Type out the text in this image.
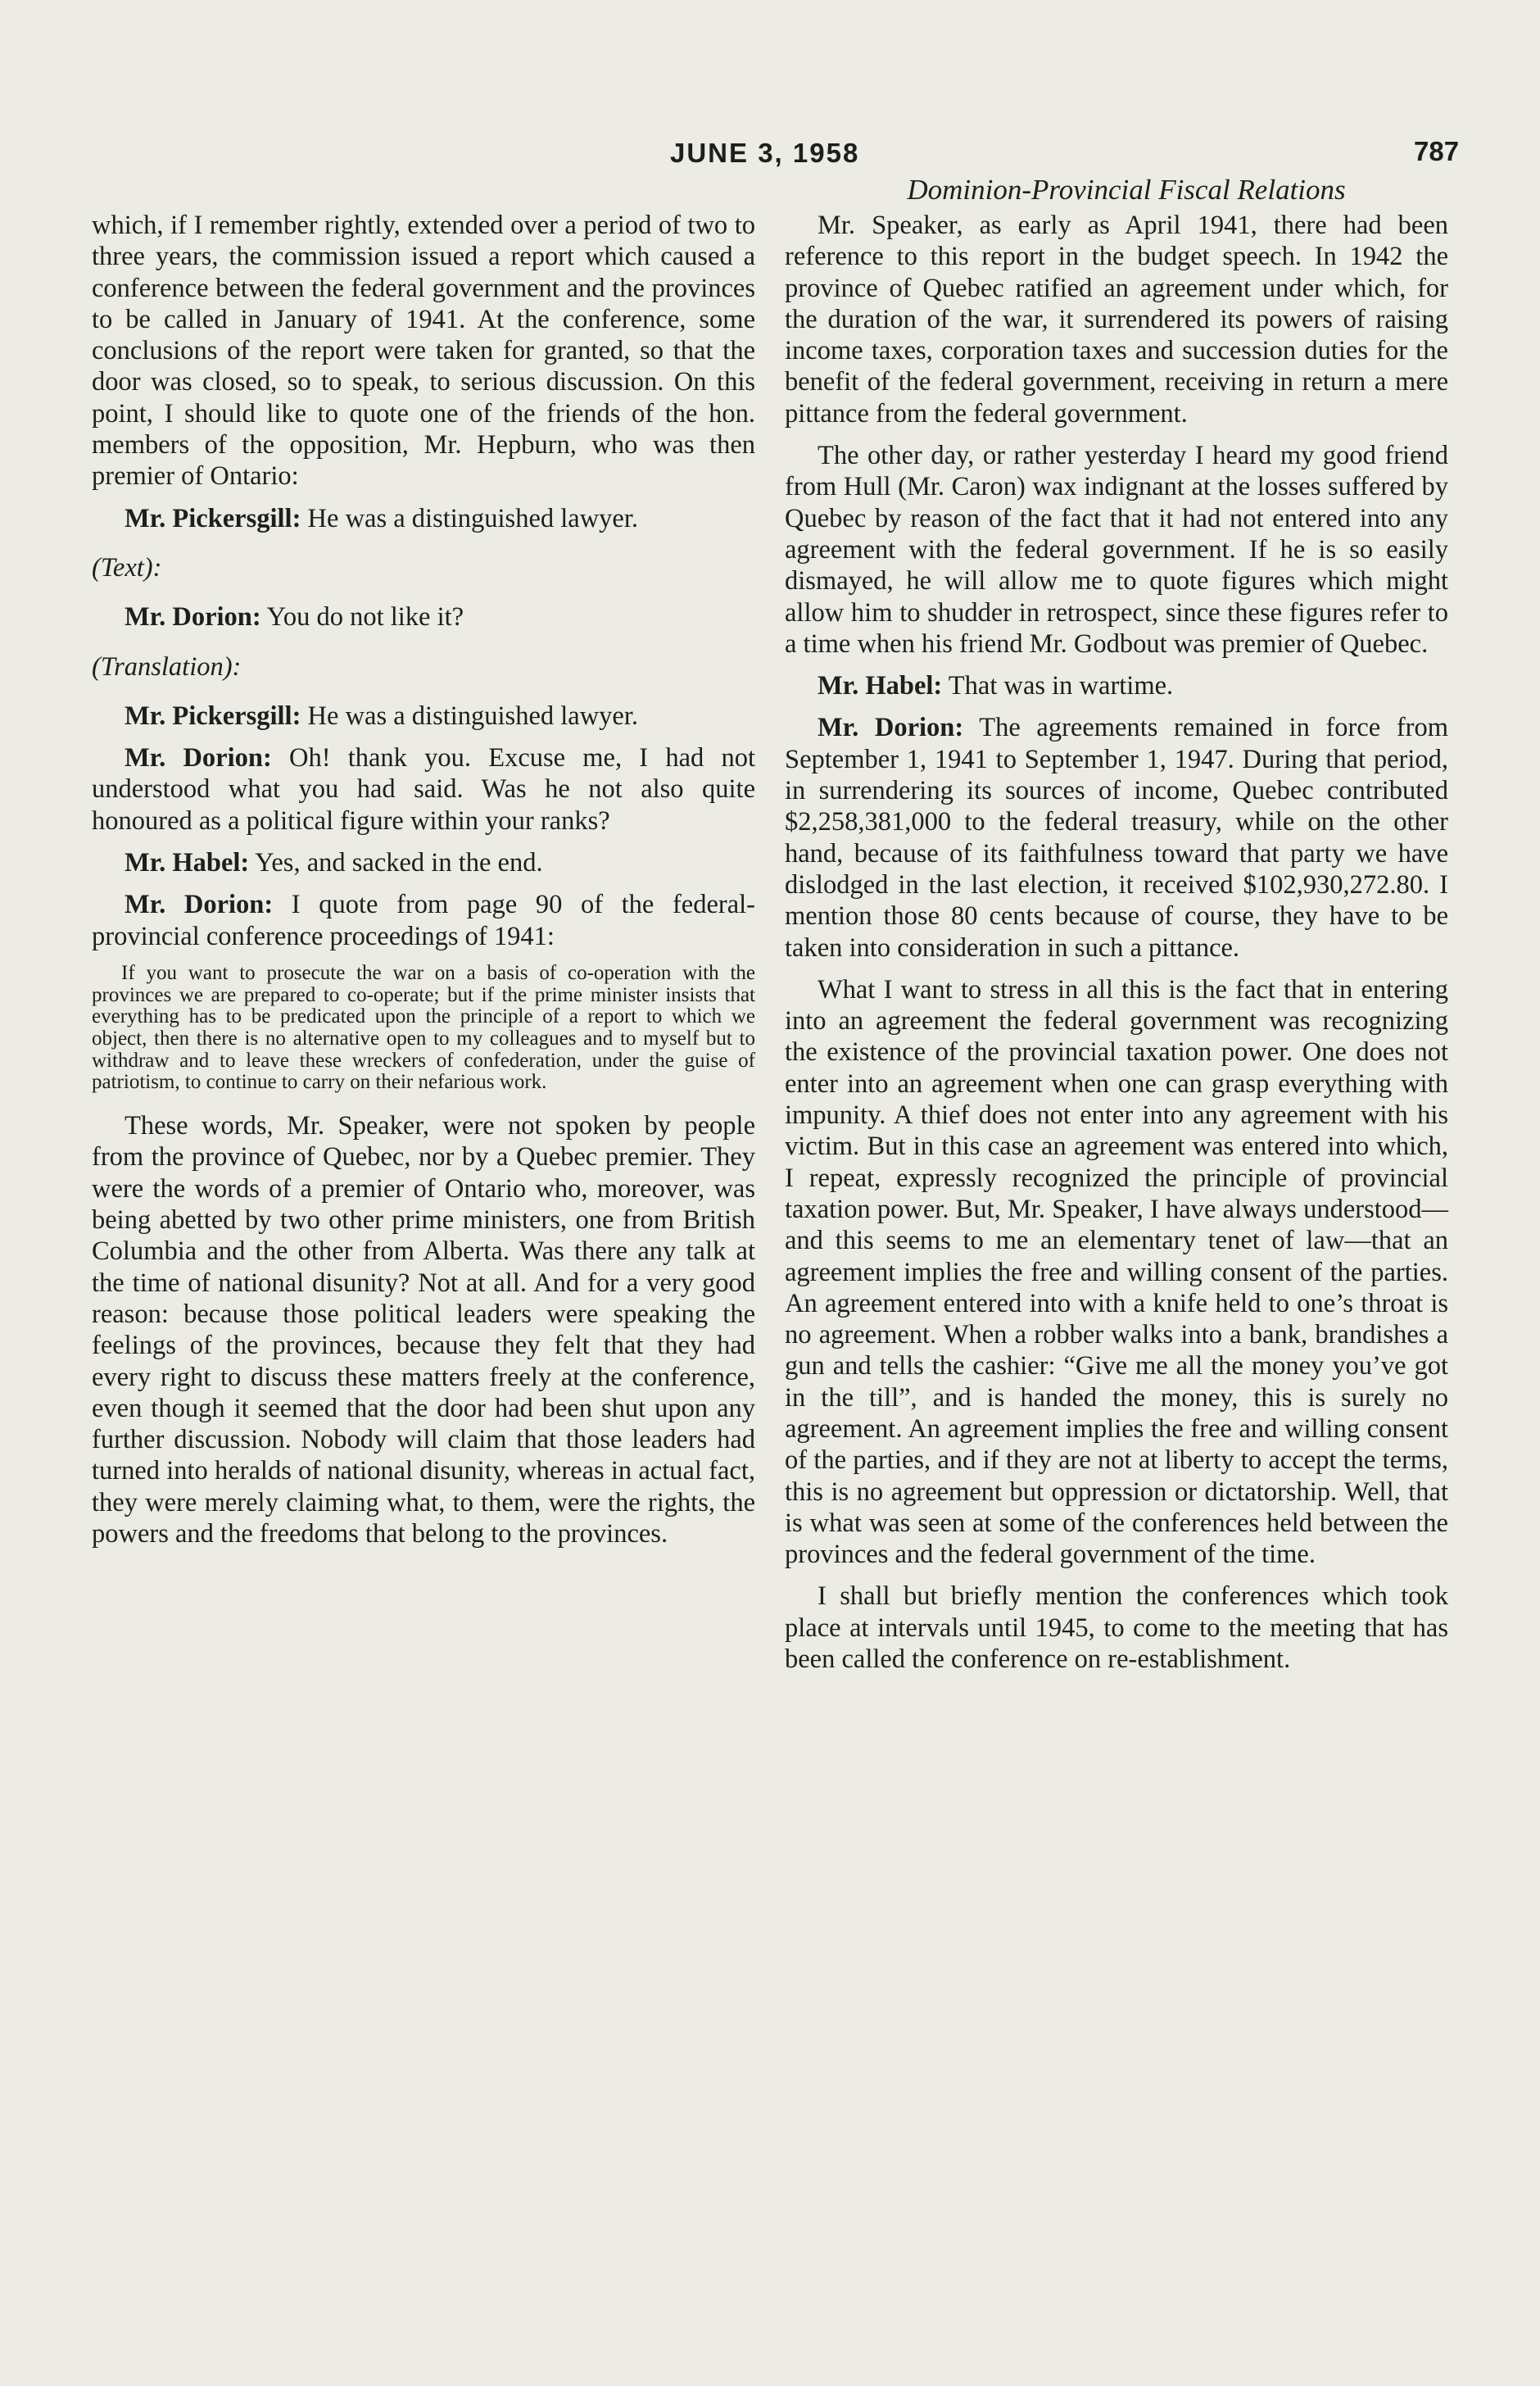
JUNE 3, 1958	787
Dominion-Provincial Fiscal Relations

which, if I remember rightly, extended over a period of two to three years, the commission issued a report which caused a conference between the federal government and the provinces to be called in January of 1941. At the conference, some conclusions of the report were taken for granted, so that the door was closed, so to speak, to serious discussion. On this point, I should like to quote one of the friends of the hon. members of the opposition, Mr. Hepburn, who was then premier of Ontario:

Mr. Pickersgill: He was a distinguished lawyer.

(Text):

Mr. Dorion: You do not like it?

(Translation):

Mr. Pickersgill: He was a distinguished lawyer.

Mr. Dorion: Oh! thank you. Excuse me, I had not understood what you had said. Was he not also quite honoured as a political figure within your ranks?

Mr. Habel: Yes, and sacked in the end.

Mr. Dorion: I quote from page 90 of the federal-provincial conference proceedings of 1941:

If you want to prosecute the war on a basis of co-operation with the provinces we are prepared to co-operate; but if the prime minister insists that everything has to be predicated upon the principle of a report to which we object, then there is no alternative open to my colleagues and to myself but to withdraw and to leave these wreckers of confederation, under the guise of patriotism, to continue to carry on their nefarious work.

These words, Mr. Speaker, were not spoken by people from the province of Quebec, nor by a Quebec premier. They were the words of a premier of Ontario who, moreover, was being abetted by two other prime ministers, one from British Columbia and the other from Alberta. Was there any talk at the time of national disunity? Not at all. And for a very good reason: because those political leaders were speaking the feelings of the provinces, because they felt that they had every right to discuss these matters freely at the conference, even though it seemed that the door had been shut upon any further discussion. Nobody will claim that those leaders had turned into heralds of national disunity, whereas in actual fact, they were merely claiming what, to them, were the rights, the powers and the freedoms that belong to the provinces.

Mr. Speaker, as early as April 1941, there had been reference to this report in the budget speech. In 1942 the province of Quebec ratified an agreement under which, for the duration of the war, it surrendered its powers of raising income taxes, corporation taxes and succession duties for the benefit of the federal government, receiving in return a mere pittance from the federal government.

The other day, or rather yesterday I heard my good friend from Hull (Mr. Caron) wax indignant at the losses suffered by Quebec by reason of the fact that it had not entered into any agreement with the federal government. If he is so easily dismayed, he will allow me to quote figures which might allow him to shudder in retrospect, since these figures refer to a time when his friend Mr. Godbout was premier of Quebec.

Mr. Habel: That was in wartime.

Mr. Dorion: The agreements remained in force from September 1, 1941 to September 1, 1947. During that period, in surrendering its sources of income, Quebec contributed $2,258,381,000 to the federal treasury, while on the other hand, because of its faithfulness toward that party we have dislodged in the last election, it received $102,930,272.80. I mention those 80 cents because of course, they have to be taken into consideration in such a pittance.

What I want to stress in all this is the fact that in entering into an agreement the federal government was recognizing the existence of the provincial taxation power. One does not enter into an agreement when one can grasp everything with impunity. A thief does not enter into any agreement with his victim. But in this case an agreement was entered into which, I repeat, expressly recognized the principle of provincial taxation power. But, Mr. Speaker, I have always understood—and this seems to me an elementary tenet of law—that an agreement implies the free and willing consent of the parties. An agreement entered into with a knife held to one’s throat is no agreement. When a robber walks into a bank, brandishes a gun and tells the cashier: “Give me all the money you’ve got in the till”, and is handed the money, this is surely no agreement. An agreement implies the free and willing consent of the parties, and if they are not at liberty to accept the terms, this is no agreement but oppression or dictatorship. Well, that is what was seen at some of the conferences held between the provinces and the federal government of the time.

I shall but briefly mention the conferences which took place at intervals until 1945, to come to the meeting that has been called the conference on re-establishment.
